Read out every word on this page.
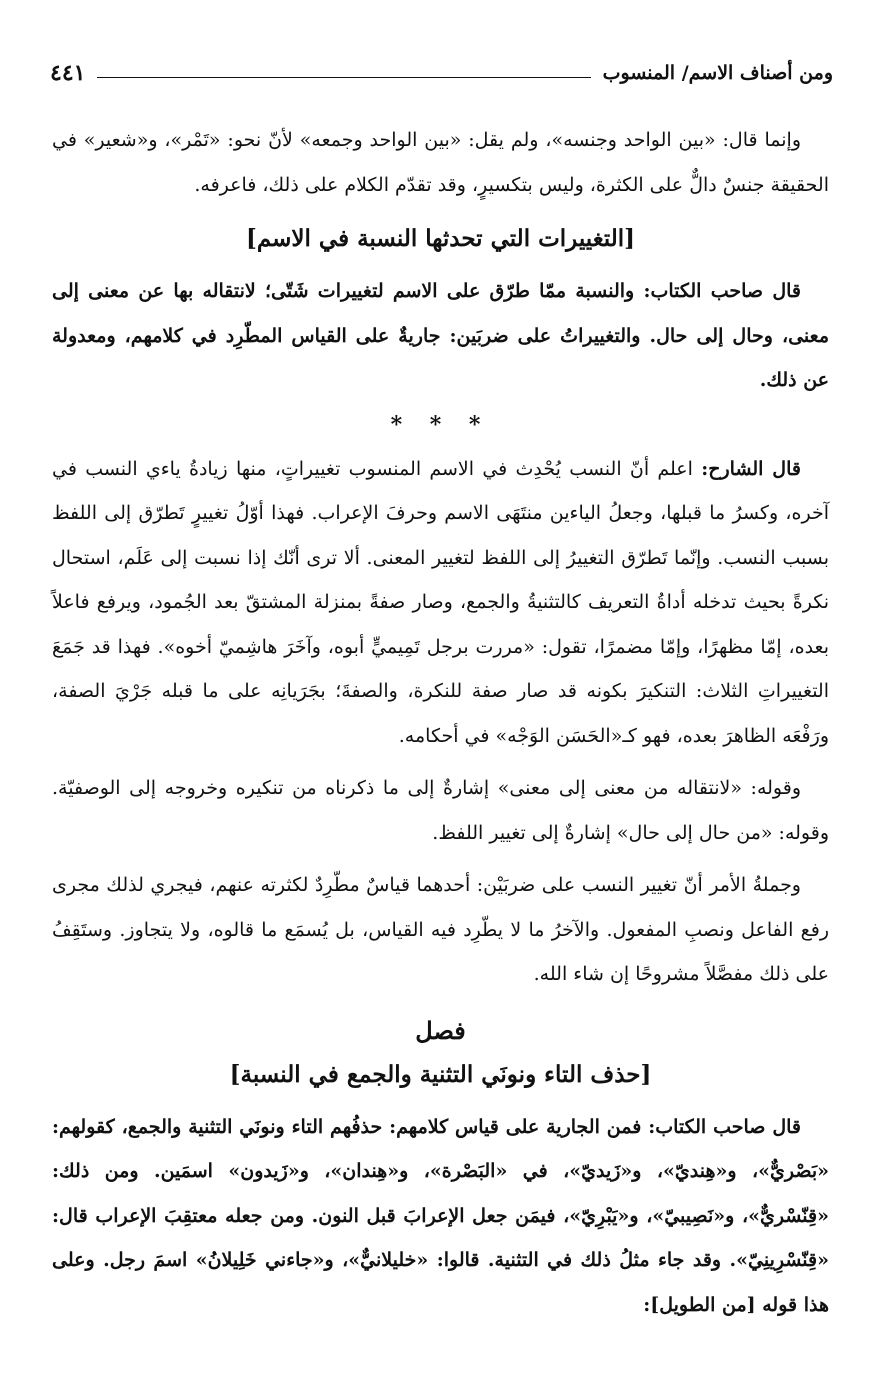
ومن أصناف الاسم/ المنسوب
٤٤١

وإنما قال: «بين الواحد وجنسه»، ولم يقل: «بين الواحد وجمعه» لأنّ نحو: «تَمْر»، و«شعير» في الحقيقة جنسٌ دالٌّ على الكثرة، وليس بتكسيرٍ، وقد تقدّم الكلام على ذلك، فاعرفه.

[التغييرات التي تحدثها النسبة في الاسم]

قال صاحب الكتاب: والنسبة ممّا طرّق على الاسم لتغييرات شَتّى؛ لانتقاله بها عن معنى إلى معنى، وحال إلى حال. والتغييراتُ على ضربَين: جاريةٌ على القياس المطّرِد في كلامهم، ومعدولة عن ذلك.

* * *

قال الشارح: اعلم أنّ النسب يُحْدِث في الاسم المنسوب تغييراتٍ، منها زيادةُ ياءي النسب في آخره، وكسرُ ما قبلها، وجعلُ الياءين منتَهَى الاسم وحرفَ الإعراب. فهذا أوّلُ تغييرٍ تَطرّق إلى اللفظ بسبب النسب. وإنّما تَطرّق التغييرُ إلى اللفظ لتغيير المعنى. ألا ترى أنّك إذا نسبت إلى عَلَم، استحال نكرةً بحيث تدخله أداةُ التعريف كالتثنيةُ والجمع، وصار صفةً بمنزلة المشتقّ بعد الجُمود، ويرفع فاعلاً بعده، إمّا مظهرًا، وإمّا مضمرًا، تقول: «مررت برجل تَمِيميٍّ أبوه، وآخَرَ هاشِميّ أخوه». فهذا قد جَمَعَ التغييراتِ الثلاث: التنكيرَ بكونه قد صار صفة للنكرة، والصفةَ؛ بجَرَيانِه على ما قبله جَرْيَ الصفة، ورَفْعَه الظاهرَ بعده، فهو كـ«الحَسَن الوَجْه» في أحكامه.

وقوله: «لانتقاله من معنى إلى معنى» إشارةٌ إلى ما ذكرناه من تنكيره وخروجه إلى الوصفيّة. وقوله: «من حال إلى حال» إشارةٌ إلى تغيير اللفظ.

وجملةُ الأمر أنّ تغيير النسب على ضربَيْن: أحدهما قياسٌ مطّرِدٌ لكثرته عنهم، فيجري لذلك مجرى رفع الفاعل ونصبِ المفعول. والآخرُ ما لا يطّرِد فيه القياس، بل يُسمَع ما قالوه، ولا يتجاوز. وستَقِفُ على ذلك مفصَّلاً مشروحًا إن شاء الله.

فصل
[حذف التاء ونونَي التثنية والجمع في النسبة]

قال صاحب الكتاب: فمن الجارية على قياس كلامهم: حذفُهم التاء ونونَي التثنية والجمع، كقولهم: «بَصْريٌّ»، و«هِنديّ»، و«زَيديّ»، في «البَصْرة»، و«هِندان»، و«زَيدون» اسمَين. ومن ذلك: «قِنّسْريٌّ»، و«نَصِيبيّ»، و«يَبْرِيّ»، فيمَن جعل الإعرابَ قبل النون. ومن جعله معتقِبَ الإعراب قال: «قِنّسْرِينِيّ». وقد جاء مثلُ ذلك في التثنية. قالوا: «خليلانيٌّ»، و«جاءني خَلِيلانُ» اسمَ رجل. وعلى هذا قوله [من الطويل]:
